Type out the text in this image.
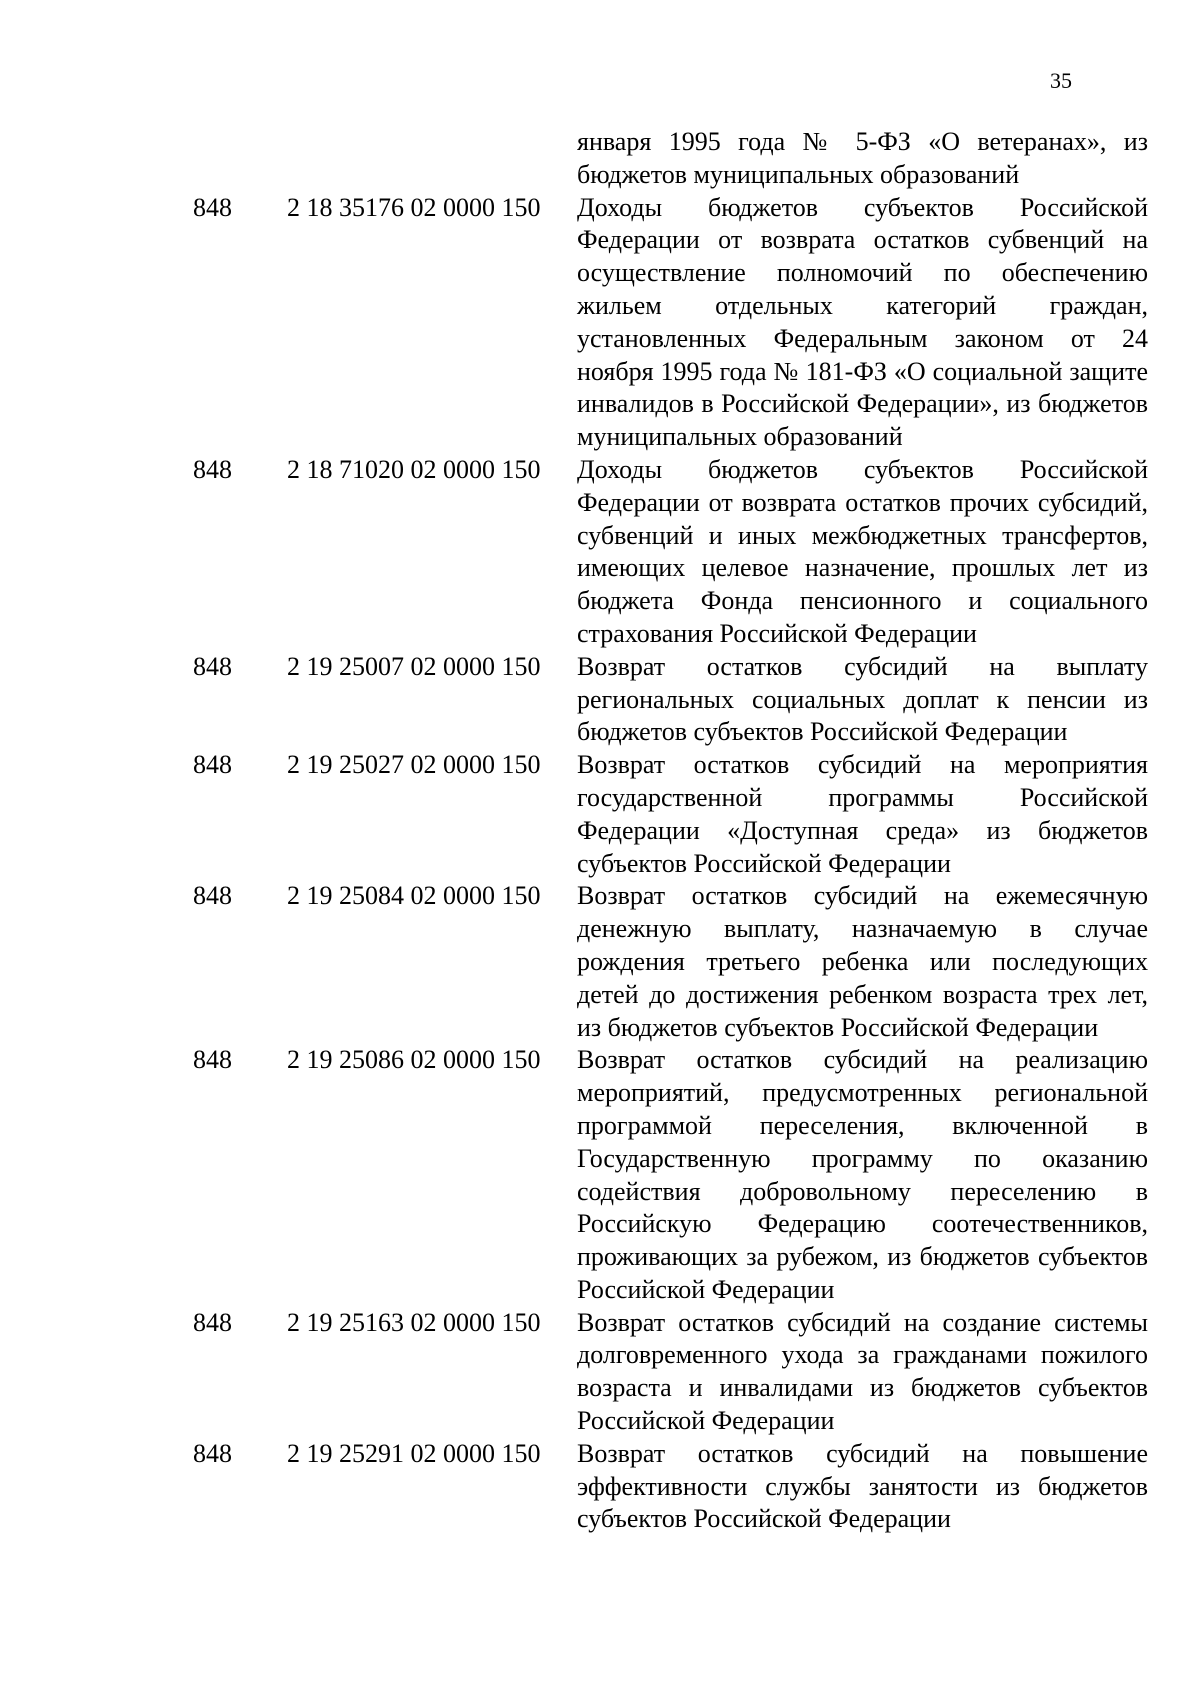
35
января 1995 года № 5-ФЗ «О ветеранах», из бюджетов муниципальных образований
848 2 18 35176 02 0000 150 Доходы бюджетов субъектов Российской Федерации от возврата остатков субвенций на осуществление полномочий по обеспечению жильем отдельных категорий граждан, установленных Федеральным законом от 24 ноября 1995 года № 181-ФЗ «О социальной защите инвалидов в Российской Федерации», из бюджетов муниципальных образований
848 2 18 71020 02 0000 150 Доходы бюджетов субъектов Российской Федерации от возврата остатков прочих субсидий, субвенций и иных межбюджетных трансфертов, имеющих целевое назначение, прошлых лет из бюджета Фонда пенсионного и социального страхования Российской Федерации
848 2 19 25007 02 0000 150 Возврат остатков субсидий на выплату региональных социальных доплат к пенсии из бюджетов субъектов Российской Федерации
848 2 19 25027 02 0000 150 Возврат остатков субсидий на мероприятия государственной программы Российской Федерации «Доступная среда» из бюджетов субъектов Российской Федерации
848 2 19 25084 02 0000 150 Возврат остатков субсидий на ежемесячную денежную выплату, назначаемую в случае рождения третьего ребенка или последующих детей до достижения ребенком возраста трех лет, из бюджетов субъектов Российской Федерации
848 2 19 25086 02 0000 150 Возврат остатков субсидий на реализацию мероприятий, предусмотренных региональной программой переселения, включенной в Государственную программу по оказанию содействия добровольному переселению в Российскую Федерацию соотечественников, проживающих за рубежом, из бюджетов субъектов Российской Федерации
848 2 19 25163 02 0000 150 Возврат остатков субсидий на создание системы долговременного ухода за гражданами пожилого возраста и инвалидами из бюджетов субъектов Российской Федерации
848 2 19 25291 02 0000 150 Возврат остатков субсидий на повышение эффективности службы занятости из бюджетов субъектов Российской Федерации
